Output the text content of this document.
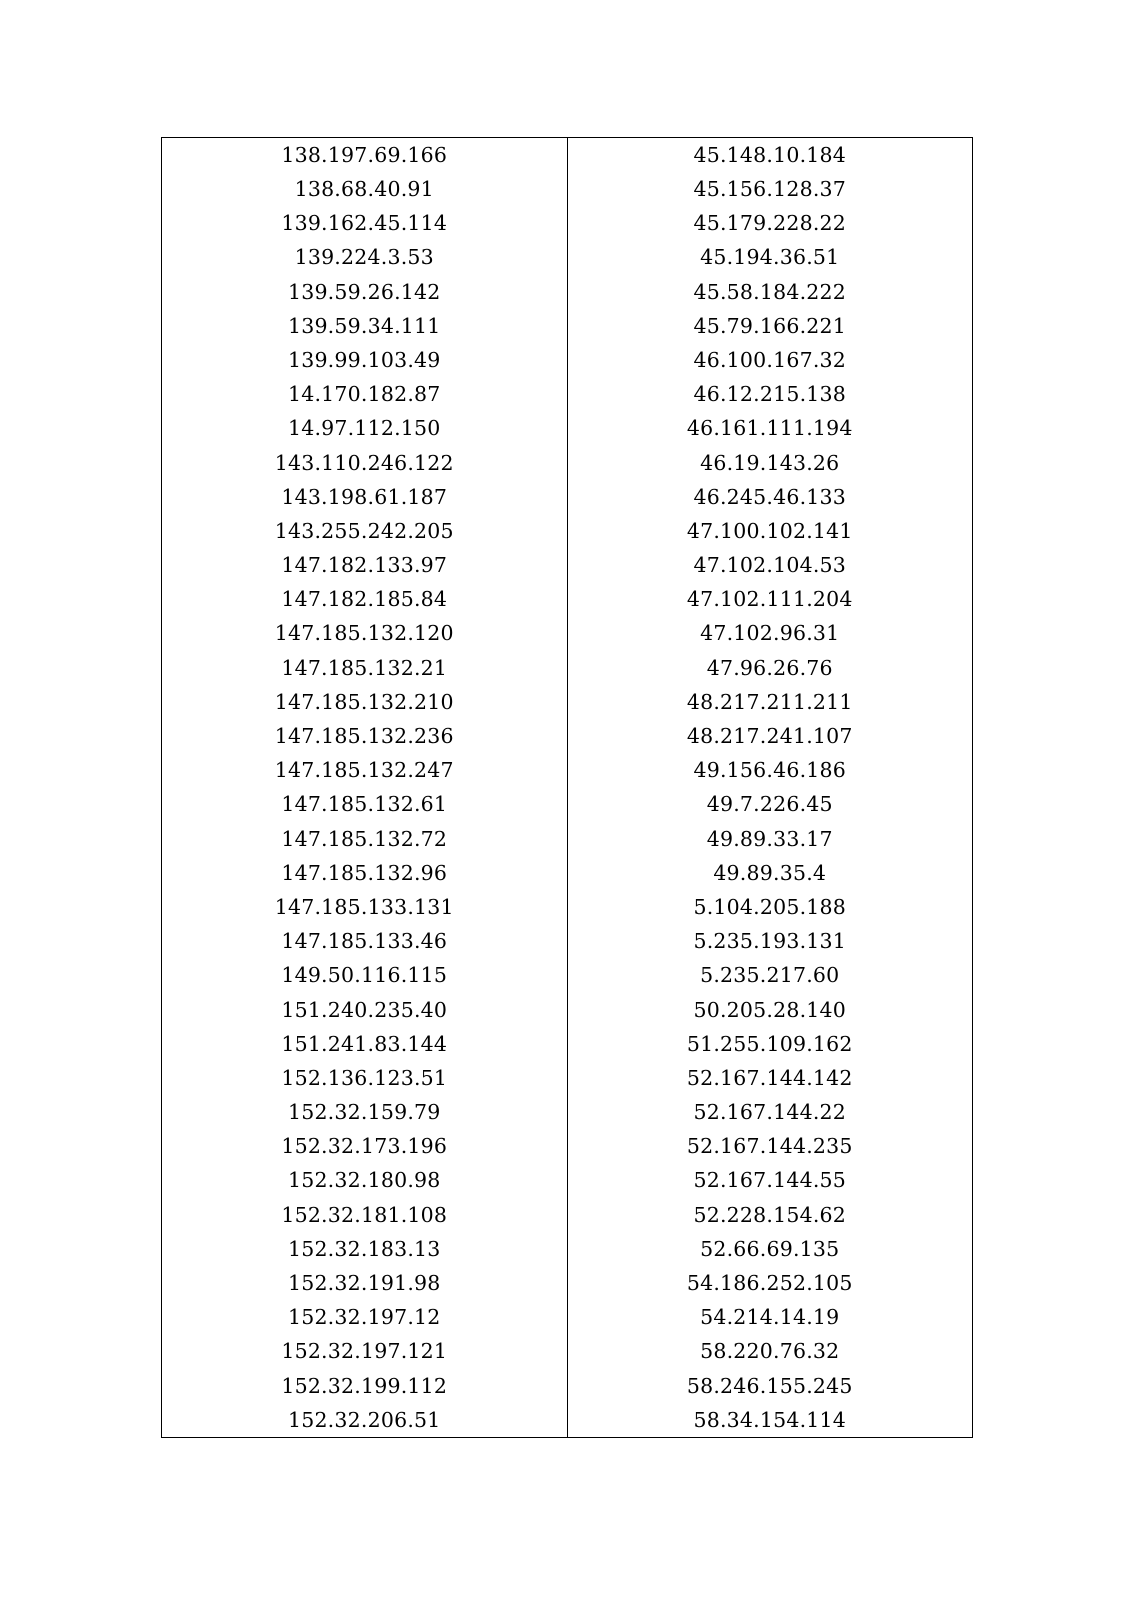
138.197.69.166	45.148.10.184
138.68.40.91	45.156.128.37
139.162.45.114	45.179.228.22
139.224.3.53	45.194.36.51
139.59.26.142	45.58.184.222
139.59.34.111	45.79.166.221
139.99.103.49	46.100.167.32
14.170.182.87	46.12.215.138
14.97.112.150	46.161.111.194
143.110.246.122	46.19.143.26
143.198.61.187	46.245.46.133
143.255.242.205	47.100.102.141
147.182.133.97	47.102.104.53
147.182.185.84	47.102.111.204
147.185.132.120	47.102.96.31
147.185.132.21	47.96.26.76
147.185.132.210	48.217.211.211
147.185.132.236	48.217.241.107
147.185.132.247	49.156.46.186
147.185.132.61	49.7.226.45
147.185.132.72	49.89.33.17
147.185.132.96	49.89.35.4
147.185.133.131	5.104.205.188
147.185.133.46	5.235.193.131
149.50.116.115	5.235.217.60
151.240.235.40	50.205.28.140
151.241.83.144	51.255.109.162
152.136.123.51	52.167.144.142
152.32.159.79	52.167.144.22
152.32.173.196	52.167.144.235
152.32.180.98	52.167.144.55
152.32.181.108	52.228.154.62
152.32.183.13	52.66.69.135
152.32.191.98	54.186.252.105
152.32.197.12	54.214.14.19
152.32.197.121	58.220.76.32
152.32.199.112	58.246.155.245
152.32.206.51	58.34.154.114
